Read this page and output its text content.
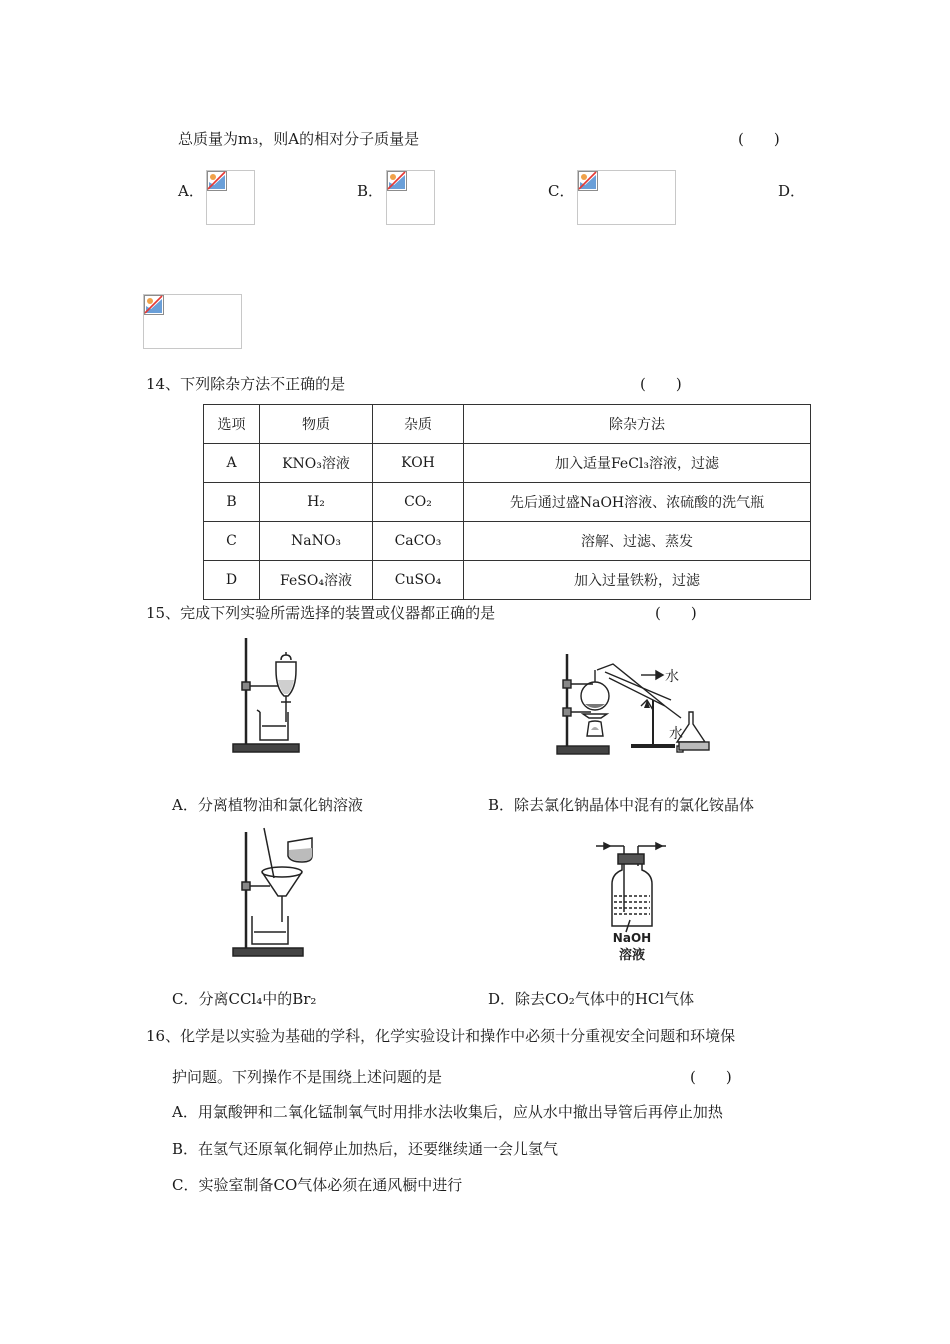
总质量为m₃，则A的相对分子质量是	(　　)
A．	B．	C．	D．
14、下列除杂方法不正确的是	(　　)
选项	物质	杂质	除杂方法
A	KNO₃溶液	KOH	加入适量FeCl₃溶液，过滤
B	H₂	CO₂	先后通过盛NaOH溶液、浓硫酸的洗气瓶
C	NaNO₃	CaCO₃	溶解、过滤、蒸发
D	FeSO₄溶液	CuSO₄	加入过量铁粉，过滤
15、完成下列实验所需选择的装置或仪器都正确的是	(　　)
水
水
A．分离植物油和氯化钠溶液	B．除去氯化钠晶体中混有的氯化铵晶体
NaOH
溶液
C．分离CCl₄中的Br₂	D．除去CO₂气体中的HCl气体
16、化学是以实验为基础的学科，化学实验设计和操作中必须十分重视安全问题和环境保
护问题。下列操作不是围绕上述问题的是	(　　)
A．用氯酸钾和二氧化锰制氧气时用排水法收集后，应从水中撤出导管后再停止加热
B．在氢气还原氧化铜停止加热后，还要继续通一会儿氢气
C．实验室制备CO气体必须在通风橱中进行
